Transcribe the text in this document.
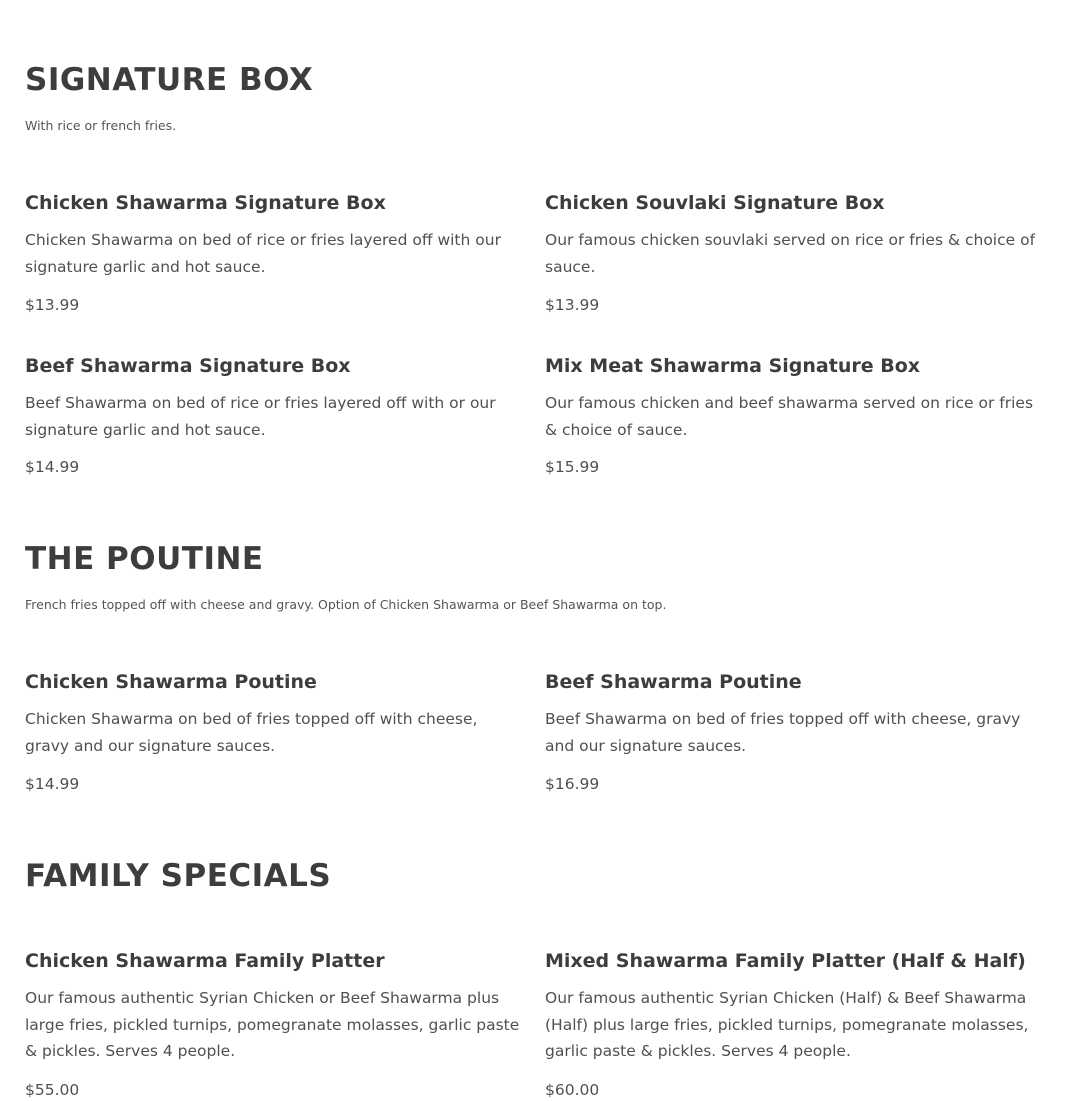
SIGNATURE BOX

With rice or french fries.

Chicken Shawarma Signature Box

Chicken Shawarma on bed of rice or fries layered off with our signature garlic and hot sauce.

$13.99

Chicken Souvlaki Signature Box

Our famous chicken souvlaki served on rice or fries & choice of sauce.

$13.99

Beef Shawarma Signature Box

Beef Shawarma on bed of rice or fries layered off with or our signature garlic and hot sauce.

$14.99

Mix Meat Shawarma Signature Box

Our famous chicken and beef shawarma served on rice or fries & choice of sauce.

$15.99

THE POUTINE

French fries topped off with cheese and gravy. Option of Chicken Shawarma or Beef Shawarma on top.

Chicken Shawarma Poutine

Chicken Shawarma on bed of fries topped off with cheese, gravy and our signature sauces.

$14.99

Beef Shawarma Poutine

Beef Shawarma on bed of fries topped off with cheese, gravy and our signature sauces.

$16.99

FAMILY SPECIALS
Chicken Shawarma Family Platter

Our famous authentic Syrian Chicken or Beef Shawarma plus large fries, pickled turnips, pomegranate molasses, garlic paste & pickles. Serves 4 people.

$55.00

Mixed Shawarma Family Platter (Half & Half)

Our famous authentic Syrian Chicken (Half) & Beef Shawarma (Half) plus large fries, pickled turnips, pomegranate molasses, garlic paste & pickles. Serves 4 people.

$60.00
